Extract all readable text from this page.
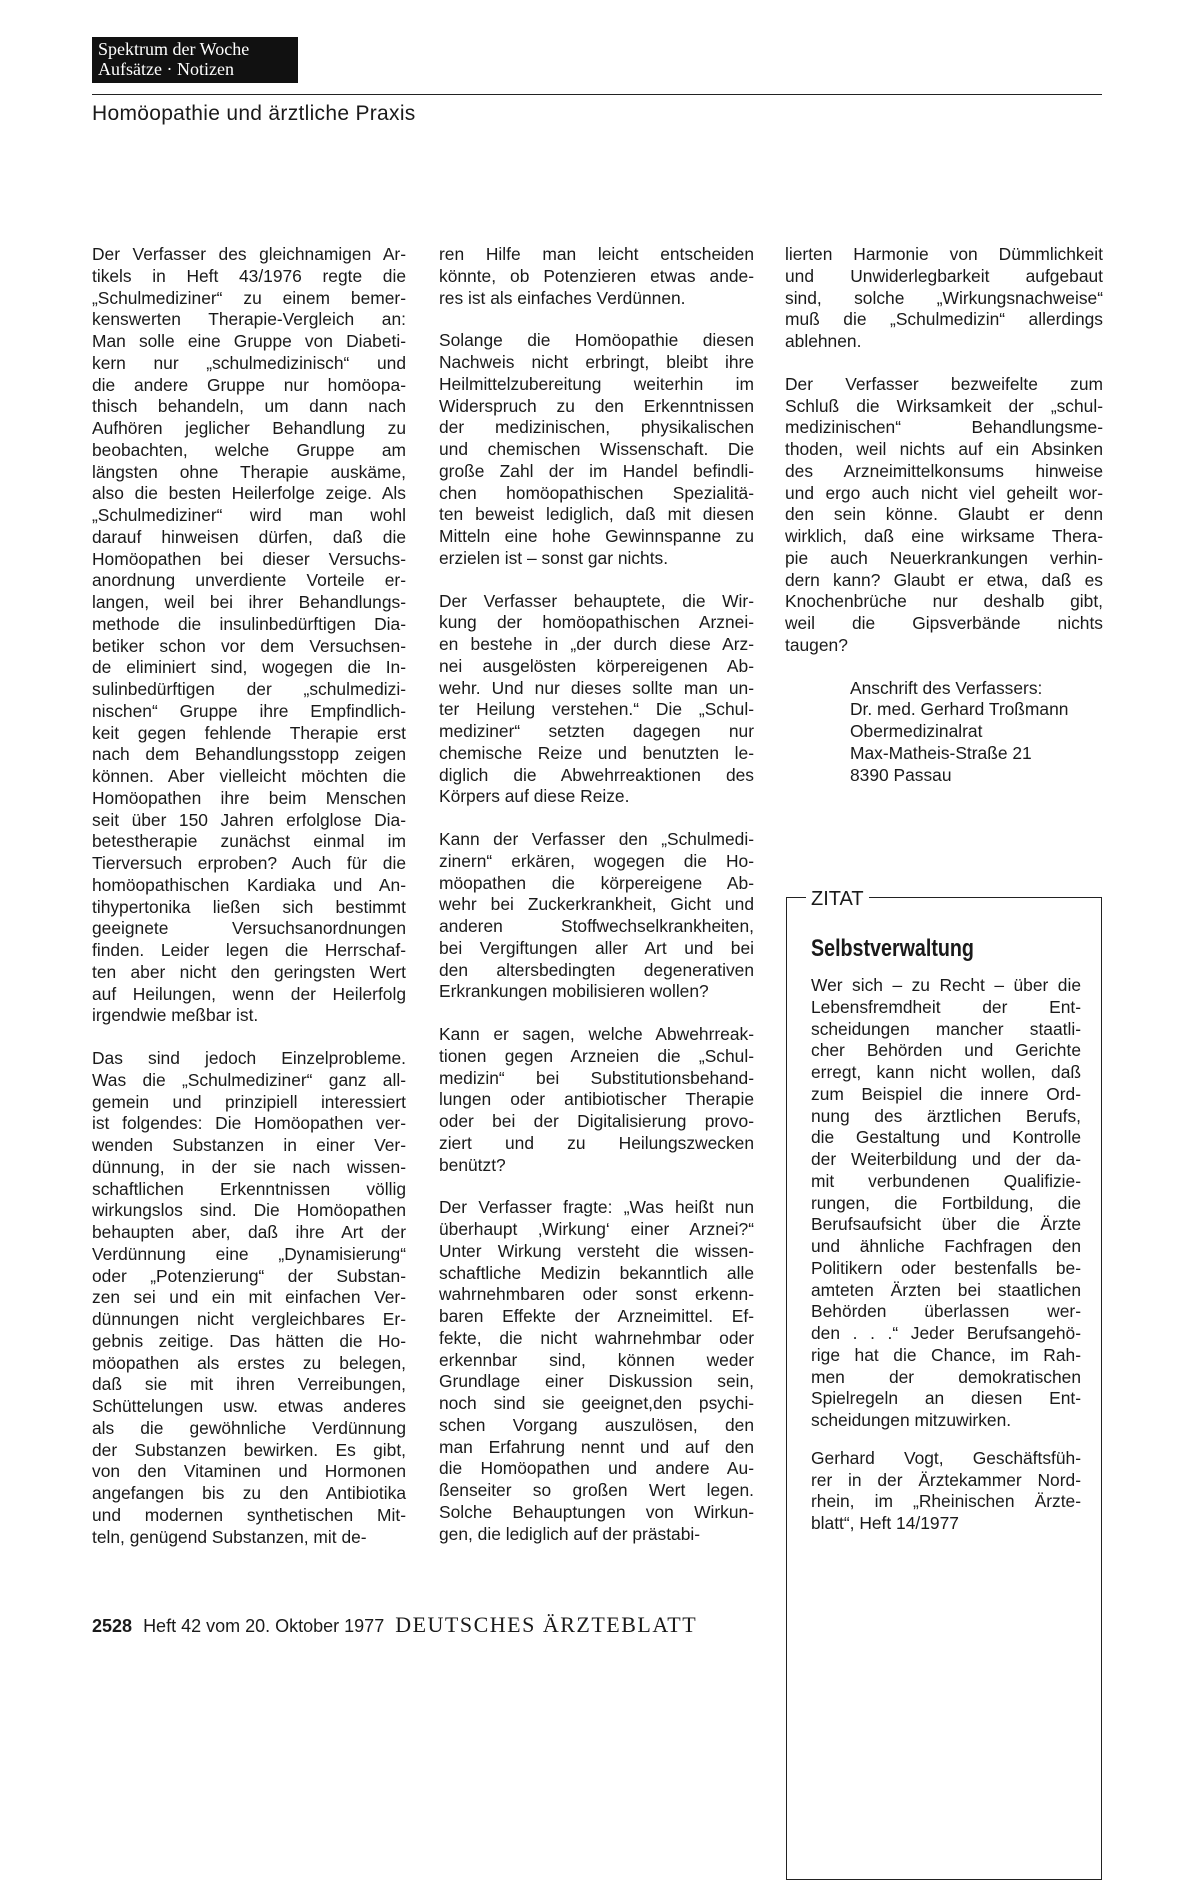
Spektrum der Woche
Aufsätze · Notizen
Homöopathie und ärztliche Praxis

Der Verfasser des gleichnamigen Ar-
tikels in Heft 43/1976 regte die
„Schulmediziner“ zu einem bemer-
kenswerten Therapie-Vergleich an:
Man solle eine Gruppe von Diabeti-
kern nur „schulmedizinisch“ und
die andere Gruppe nur homöopa-
thisch behandeln, um dann nach
Aufhören jeglicher Behandlung zu
beobachten, welche Gruppe am
längsten ohne Therapie auskäme,
also die besten Heilerfolge zeige. Als
„Schulmediziner“ wird man wohl
darauf hinweisen dürfen, daß die
Homöopathen bei dieser Versuchs-
anordnung unverdiente Vorteile er-
langen, weil bei ihrer Behandlungs-
methode die insulinbedürftigen Dia-
betiker schon vor dem Versuchsen-
de eliminiert sind, wogegen die In-
sulinbedürftigen der „schulmedizi-
nischen“ Gruppe ihre Empfindlich-
keit gegen fehlende Therapie erst
nach dem Behandlungsstopp zeigen
können. Aber vielleicht möchten die
Homöopathen ihre beim Menschen
seit über 150 Jahren erfolglose Dia-
betestherapie zunächst einmal im
Tierversuch erproben? Auch für die
homöopathischen Kardiaka und An-
tihypertonika ließen sich bestimmt
geeignete Versuchsanordnungen
finden. Leider legen die Herrschaf-
ten aber nicht den geringsten Wert
auf Heilungen, wenn der Heilerfolg
irgendwie meßbar ist.

Das sind jedoch Einzelprobleme.
Was die „Schulmediziner“ ganz all-
gemein und prinzipiell interessiert
ist folgendes: Die Homöopathen ver-
wenden Substanzen in einer Ver-
dünnung, in der sie nach wissen-
schaftlichen Erkenntnissen völlig
wirkungslos sind. Die Homöopathen
behaupten aber, daß ihre Art der
Verdünnung eine „Dynamisierung“
oder „Potenzierung“ der Substan-
zen sei und ein mit einfachen Ver-
dünnungen nicht vergleichbares Er-
gebnis zeitige. Das hätten die Ho-
möopathen als erstes zu belegen,
daß sie mit ihren Verreibungen,
Schüttelungen usw. etwas anderes
als die gewöhnliche Verdünnung
der Substanzen bewirken. Es gibt,
von den Vitaminen und Hormonen
angefangen bis zu den Antibiotika
und modernen synthetischen Mit-
teln, genügend Substanzen, mit de-

ren Hilfe man leicht entscheiden
könnte, ob Potenzieren etwas ande-
res ist als einfaches Verdünnen.

Solange die Homöopathie diesen
Nachweis nicht erbringt, bleibt ihre
Heilmittelzubereitung weiterhin im
Widerspruch zu den Erkenntnissen
der medizinischen, physikalischen
und chemischen Wissenschaft. Die
große Zahl der im Handel befindli-
chen homöopathischen Spezialitä-
ten beweist lediglich, daß mit diesen
Mitteln eine hohe Gewinnspanne zu
erzielen ist – sonst gar nichts.

Der Verfasser behauptete, die Wir-
kung der homöopathischen Arznei-
en bestehe in „der durch diese Arz-
nei ausgelösten körpereigenen Ab-
wehr. Und nur dieses sollte man un-
ter Heilung verstehen.“ Die „Schul-
mediziner“ setzten dagegen nur
chemische Reize und benutzten le-
diglich die Abwehrreaktionen des
Körpers auf diese Reize.

Kann der Verfasser den „Schulmedi-
zinern“ erkären, wogegen die Ho-
möopathen die körpereigene Ab-
wehr bei Zuckerkrankheit, Gicht und
anderen Stoffwechselkrankheiten,
bei Vergiftungen aller Art und bei
den altersbedingten degenerativen
Erkrankungen mobilisieren wollen?

Kann er sagen, welche Abwehrreak-
tionen gegen Arzneien die „Schul-
medizin“ bei Substitutionsbehand-
lungen oder antibiotischer Therapie
oder bei der Digitalisierung provo-
ziert und zu Heilungszwecken
benützt?

Der Verfasser fragte: „Was heißt nun
überhaupt ‚Wirkung‘ einer Arznei?“
Unter Wirkung versteht die wissen-
schaftliche Medizin bekanntlich alle
wahrnehmbaren oder sonst erkenn-
baren Effekte der Arzneimittel. Ef-
fekte, die nicht wahrnehmbar oder
erkennbar sind, können weder
Grundlage einer Diskussion sein,
noch sind sie geeignet,den psychi-
schen Vorgang auszulösen, den
man Erfahrung nennt und auf den
die Homöopathen und andere Au-
ßenseiter so großen Wert legen.
Solche Behauptungen von Wirkun-
gen, die lediglich auf der prästabi-

lierten Harmonie von Dümmlichkeit
und Unwiderlegbarkeit aufgebaut
sind, solche „Wirkungsnachweise“
muß die „Schulmedizin“ allerdings
ablehnen.

Der Verfasser bezweifelte zum
Schluß die Wirksamkeit der „schul-
medizinischen“ Behandlungsme-
thoden, weil nichts auf ein Absinken
des Arzneimittelkonsums hinweise
und ergo auch nicht viel geheilt wor-
den sein könne. Glaubt er denn
wirklich, daß eine wirksame Thera-
pie auch Neuerkrankungen verhin-
dern kann? Glaubt er etwa, daß es
Knochenbrüche nur deshalb gibt,
weil die Gipsverbände nichts
taugen?

Anschrift des Verfassers:
Dr. med. Gerhard Troßmann
Obermedizinalrat
Max-Matheis-Straße 21
8390 Passau
ZITAT
Selbstverwaltung

Wer sich – zu Recht – über die
Lebensfremdheit der Ent-
scheidungen mancher staatli-
cher Behörden und Gerichte
erregt, kann nicht wollen, daß
zum Beispiel die innere Ord-
nung des ärztlichen Berufs,
die Gestaltung und Kontrolle
der Weiterbildung und der da-
mit verbundenen Qualifizie-
rungen, die Fortbildung, die
Berufsaufsicht über die Ärzte
und ähnliche Fachfragen den
Politikern oder bestenfalls be-
amteten Ärzten bei staatlichen
Behörden überlassen wer-
den . . .“ Jeder Berufsangehö-
rige hat die Chance, im Rah-
men der demokratischen
Spielregeln an diesen Ent-
scheidungen mitzuwirken.

Gerhard Vogt, Geschäftsfüh-
rer in der Ärztekammer Nord-
rhein, im „Rheinischen Ärzte-
blatt“, Heft 14/1977

2528 Heft 42 vom 20. Oktober 1977 DEUTSCHES ÄRZTEBLATT
